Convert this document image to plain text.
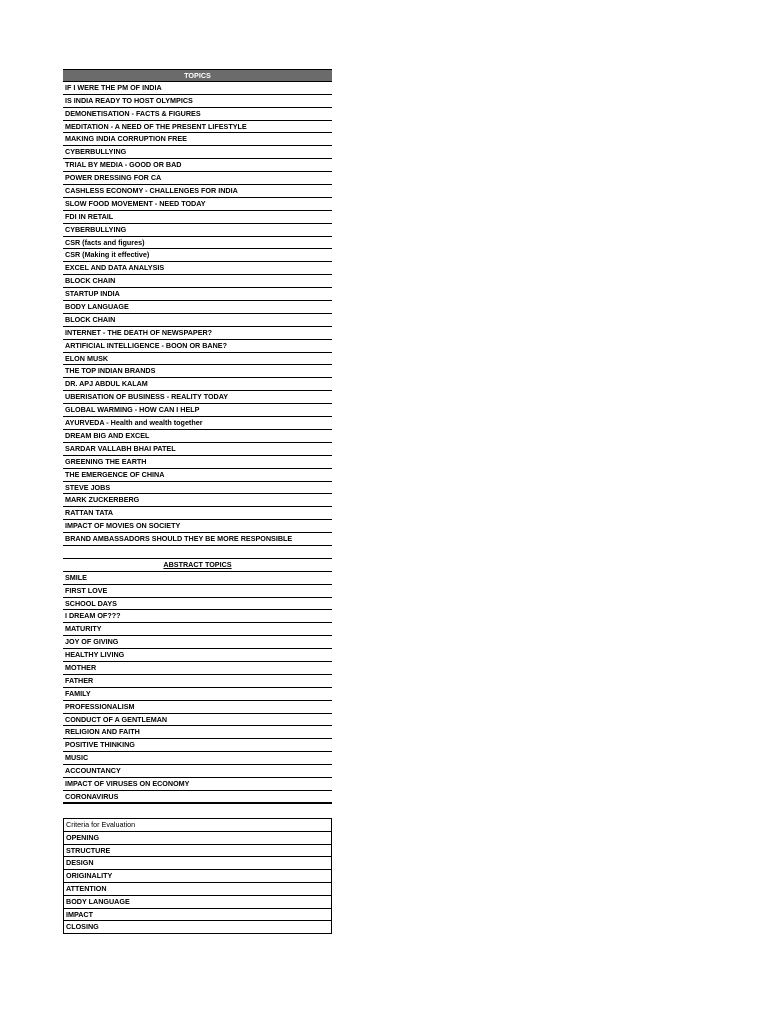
TOPICS
IF I WERE THE PM OF INDIA
IS INDIA READY TO HOST OLYMPICS
DEMONETISATION - FACTS & FIGURES
MEDITATION - A NEED OF THE PRESENT LIFESTYLE
MAKING INDIA CORRUPTION FREE
CYBERBULLYING
TRIAL BY MEDIA - GOOD OR BAD
POWER DRESSING FOR CA
CASHLESS ECONOMY - CHALLENGES FOR INDIA
SLOW FOOD MOVEMENT - NEED TODAY
FDI IN RETAIL
CYBERBULLYING
CSR (facts and figures)
CSR (Making it effective)
EXCEL AND DATA ANALYSIS
BLOCK CHAIN
STARTUP INDIA
BODY LANGUAGE
BLOCK CHAIN
INTERNET - THE DEATH OF NEWSPAPER?
ARTIFICIAL INTELLIGENCE - BOON OR BANE?
ELON MUSK
THE TOP INDIAN BRANDS
DR. APJ ABDUL KALAM
UBERISATION OF BUSINESS - REALITY TODAY
GLOBAL WARMING - HOW CAN I HELP
AYURVEDA - Health and wealth together
DREAM BIG AND EXCEL
SARDAR VALLABH BHAI PATEL
GREENING THE EARTH
THE EMERGENCE OF CHINA
STEVE JOBS
MARK ZUCKERBERG
RATTAN TATA
IMPACT OF MOVIES ON SOCIETY
BRAND AMBASSADORS SHOULD THEY BE MORE RESPONSIBLE
ABSTRACT TOPICS
SMILE
FIRST LOVE
SCHOOL DAYS
I DREAM OF???
MATURITY
JOY OF GIVING
HEALTHY LIVING
MOTHER
FATHER
FAMILY
PROFESSIONALISM
CONDUCT OF A GENTLEMAN
RELIGION AND FAITH
POSITIVE THINKING
MUSIC
ACCOUNTANCY
IMPACT OF VIRUSES ON ECONOMY
CORONAVIRUS
Criteria for Evaluation
OPENING
STRUCTURE
DESIGN
ORIGINALITY
ATTENTION
BODY LANGUAGE
IMPACT
CLOSING
